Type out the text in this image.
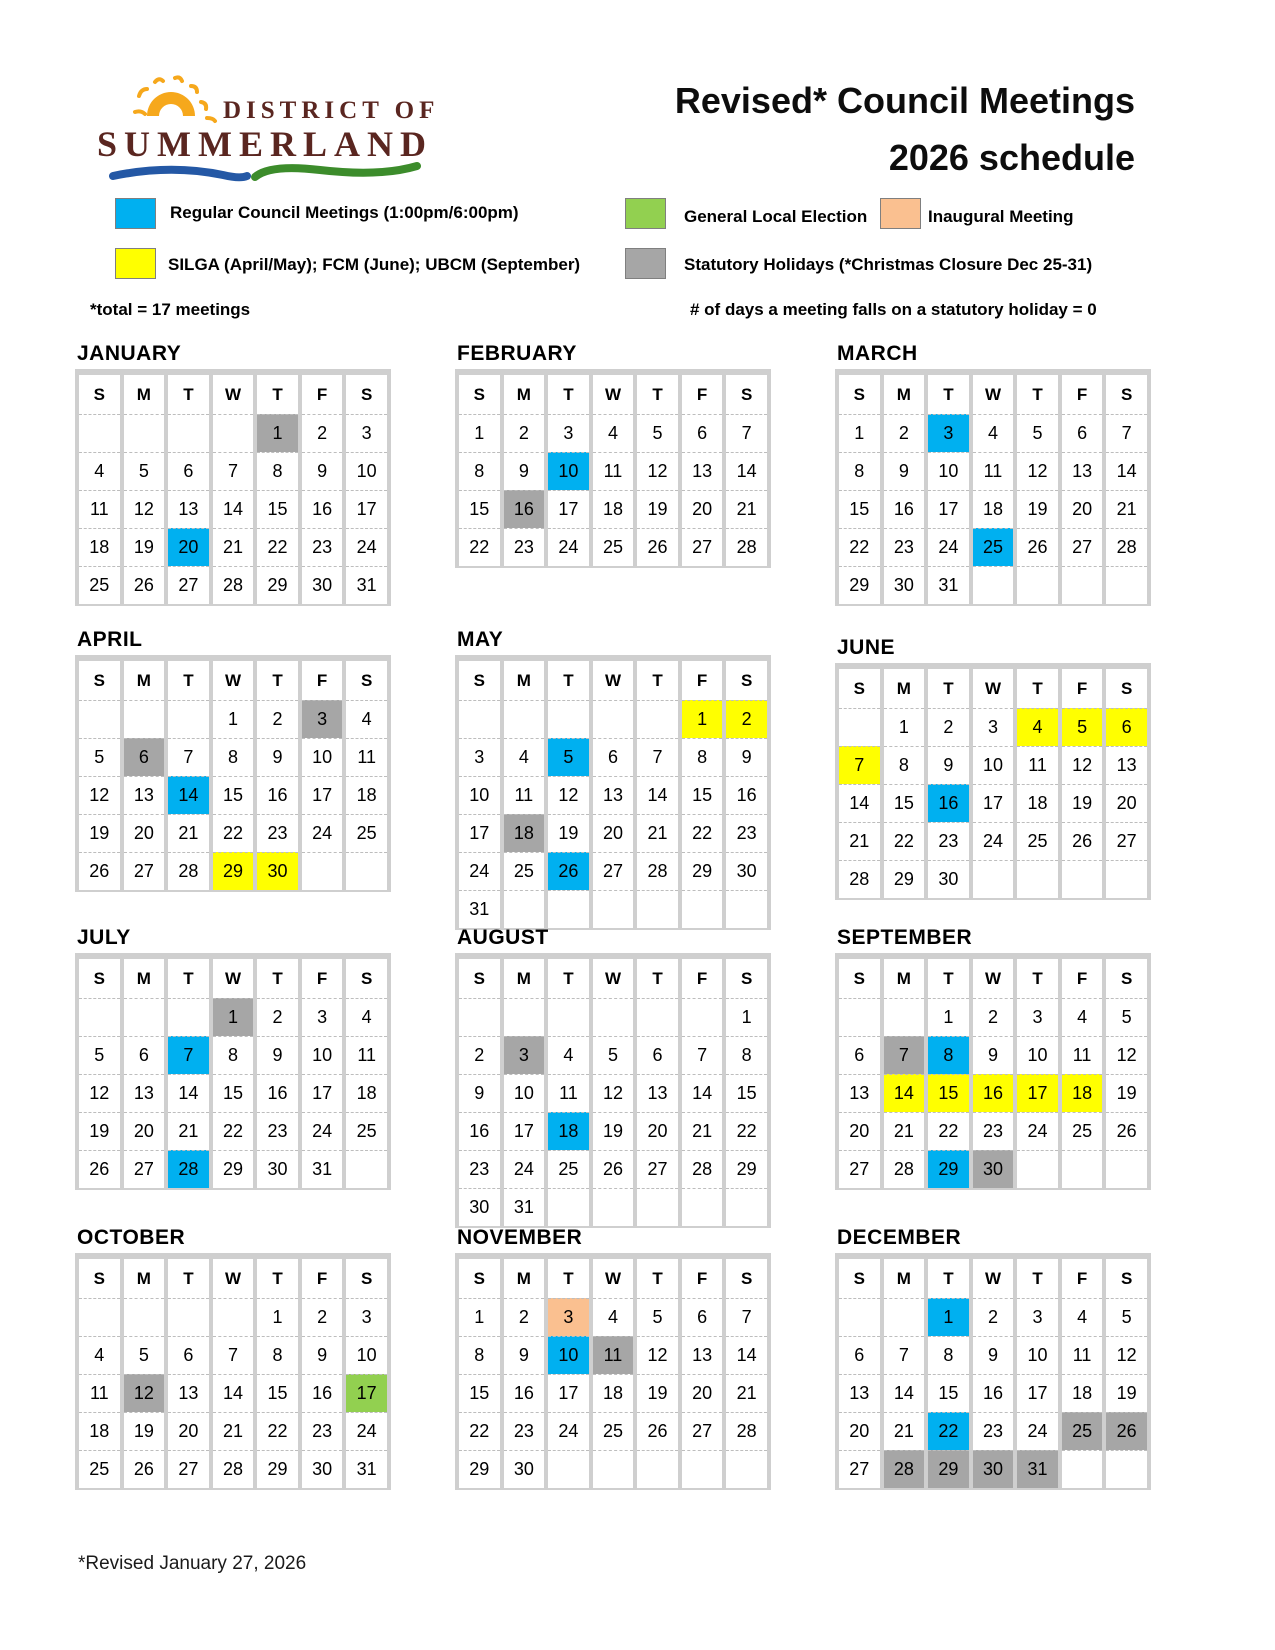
DISTRICT OF
SUMMERLAND
Revised* Council Meetings
2026 schedule
Regular Council Meetings (1:00pm/6:00pm)	General Local Election	Inaugural Meeting
SILGA (April/May); FCM (June); UBCM (September)	Statutory Holidays (*Christmas Closure Dec 25-31)
*total = 17 meetings	# of days a meeting falls on a statutory holiday = 0
JANUARY
S	M	T	W	T	F	S
				1	2	3
4	5	6	7	8	9	10
11	12	13	14	15	16	17
18	19	20	21	22	23	24
25	26	27	28	29	30	31
FEBRUARY
S	M	T	W	T	F	S
1	2	3	4	5	6	7
8	9	10	11	12	13	14
15	16	17	18	19	20	21
22	23	24	25	26	27	28
MARCH
S	M	T	W	T	F	S
1	2	3	4	5	6	7
8	9	10	11	12	13	14
15	16	17	18	19	20	21
22	23	24	25	26	27	28
29	30	31				
APRIL
S	M	T	W	T	F	S
			1	2	3	4
5	6	7	8	9	10	11
12	13	14	15	16	17	18
19	20	21	22	23	24	25
26	27	28	29	30		
MAY
S	M	T	W	T	F	S
					1	2
3	4	5	6	7	8	9
10	11	12	13	14	15	16
17	18	19	20	21	22	23
24	25	26	27	28	29	30
31						
JUNE
S	M	T	W	T	F	S
	1	2	3	4	5	6
7	8	9	10	11	12	13
14	15	16	17	18	19	20
21	22	23	24	25	26	27
28	29	30				
JULY
S	M	T	W	T	F	S
			1	2	3	4
5	6	7	8	9	10	11
12	13	14	15	16	17	18
19	20	21	22	23	24	25
26	27	28	29	30	31	
AUGUST
S	M	T	W	T	F	S
						1
2	3	4	5	6	7	8
9	10	11	12	13	14	15
16	17	18	19	20	21	22
23	24	25	26	27	28	29
30	31					
SEPTEMBER
S	M	T	W	T	F	S
		1	2	3	4	5
6	7	8	9	10	11	12
13	14	15	16	17	18	19
20	21	22	23	24	25	26
27	28	29	30			
OCTOBER
S	M	T	W	T	F	S
				1	2	3
4	5	6	7	8	9	10
11	12	13	14	15	16	17
18	19	20	21	22	23	24
25	26	27	28	29	30	31
NOVEMBER
S	M	T	W	T	F	S
1	2	3	4	5	6	7
8	9	10	11	12	13	14
15	16	17	18	19	20	21
22	23	24	25	26	27	28
29	30					
DECEMBER
S	M	T	W	T	F	S
		1	2	3	4	5
6	7	8	9	10	11	12
13	14	15	16	17	18	19
20	21	22	23	24	25	26
27	28	29	30	31		
*Revised January 27, 2026
